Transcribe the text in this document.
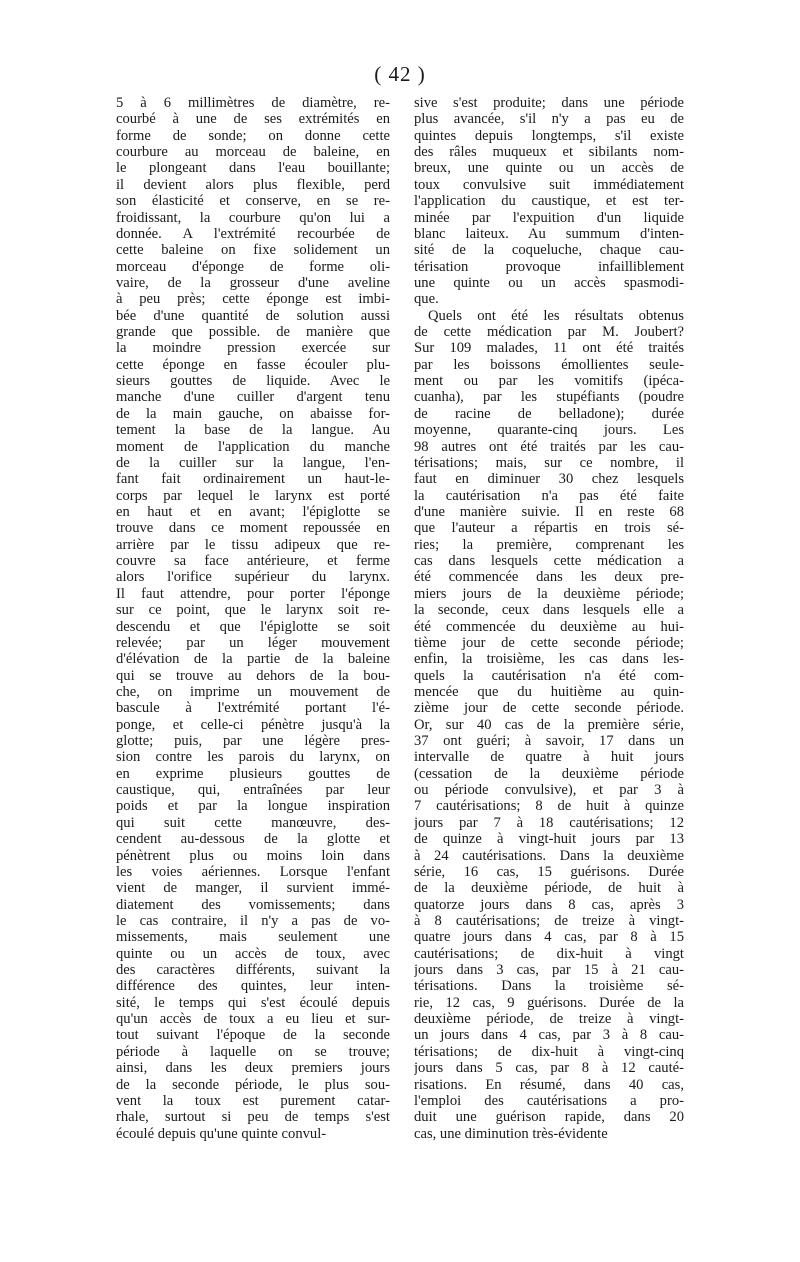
( 42 )
5 à 6 millimètres de diamètre, re-
courbé à une de ses extrémités en
forme de sonde; on donne cette
courbure au morceau de baleine, en
le plongeant dans l'eau bouillante;
il devient alors plus flexible, perd
son élasticité et conserve, en se re-
froidissant, la courbure qu'on lui a
donnée. A l'extrémité recourbée de
cette baleine on fixe solidement un
morceau d'éponge de forme oli-
vaire, de la grosseur d'une aveline
à peu près; cette éponge est imbi-
bée d'une quantité de solution aussi
grande que possible. de manière que
la moindre pression exercée sur
cette éponge en fasse écouler plu-
sieurs gouttes de liquide. Avec le
manche d'une cuiller d'argent tenu
de la main gauche, on abaisse for-
tement la base de la langue. Au
moment de l'application du manche
de la cuiller sur la langue, l'en-
fant fait ordinairement un haut-le-
corps par lequel le larynx est porté
en haut et en avant; l'épiglotte se
trouve dans ce moment repoussée en
arrière par le tissu adipeux que re-
couvre sa face antérieure, et ferme
alors l'orifice supérieur du larynx.
Il faut attendre, pour porter l'éponge
sur ce point, que le larynx soit re-
descendu et que l'épiglotte se soit
relevée; par un léger mouvement
d'élévation de la partie de la baleine
qui se trouve au dehors de la bou-
che, on imprime un mouvement de
bascule à l'extrémité portant l'é-
ponge, et celle-ci pénètre jusqu'à la
glotte; puis, par une légère pres-
sion contre les parois du larynx, on
en exprime plusieurs gouttes de
caustique, qui, entraînées par leur
poids et par la longue inspiration
qui suit cette manœuvre, des-
cendent au-dessous de la glotte et
pénètrent plus ou moins loin dans
les voies aériennes. Lorsque l'enfant
vient de manger, il survient immé-
diatement des vomissements; dans
le cas contraire, il n'y a pas de vo-
missements, mais seulement une
quinte ou un accès de toux, avec
des caractères différents, suivant la
différence des quintes, leur inten-
sité, le temps qui s'est écoulé depuis
qu'un accès de toux a eu lieu et sur-
tout suivant l'époque de la seconde
période à laquelle on se trouve;
ainsi, dans les deux premiers jours
de la seconde période, le plus sou-
vent la toux est purement catar-
rhale, surtout si peu de temps s'est
écoulé depuis qu'une quinte convul-
sive s'est produite; dans une période
plus avancée, s'il n'y a pas eu de
quintes depuis longtemps, s'il existe
des râles muqueux et sibilants nom-
breux, une quinte ou un accès de
toux convulsive suit immédiatement
l'application du caustique, et est ter-
minée par l'expuition d'un liquide
blanc laiteux. Au summum d'inten-
sité de la coqueluche, chaque cau-
térisation provoque infailliblement
une quinte ou un accès spasmodi-
que.
Quels ont été les résultats obtenus
de cette médication par M. Joubert?
Sur 109 malades, 11 ont été traités
par les boissons émollientes seule-
ment ou par les vomitifs (ipéca-
cuanha), par les stupéfiants (poudre
de racine de belladone); durée
moyenne, quarante-cinq jours. Les
98 autres ont été traités par les cau-
térisations; mais, sur ce nombre, il
faut en diminuer 30 chez lesquels
la cautérisation n'a pas été faite
d'une manière suivie. Il en reste 68
que l'auteur a répartis en trois sé-
ries; la première, comprenant les
cas dans lesquels cette médication a
été commencée dans les deux pre-
miers jours de la deuxième période;
la seconde, ceux dans lesquels elle a
été commencée du deuxième au hui-
tième jour de cette seconde période;
enfin, la troisième, les cas dans les-
quels la cautérisation n'a été com-
mencée que du huitième au quin-
zième jour de cette seconde période.
Or, sur 40 cas de la première série,
37 ont guéri; à savoir, 17 dans un
intervalle de quatre à huit jours
(cessation de la deuxième période
ou période convulsive), et par 3 à
7 cautérisations; 8 de huit à quinze
jours par 7 à 18 cautérisations; 12
de quinze à vingt-huit jours par 13
à 24 cautérisations. Dans la deuxième
série, 16 cas, 15 guérisons. Durée
de la deuxième période, de huit à
quatorze jours dans 8 cas, après 3
à 8 cautérisations; de treize à vingt-
quatre jours dans 4 cas, par 8 à 15
cautérisations; de dix-huit à vingt
jours dans 3 cas, par 15 à 21 cau-
térisations. Dans la troisième sé-
rie, 12 cas, 9 guérisons. Durée de la
deuxième période, de treize à vingt-
un jours dans 4 cas, par 3 à 8 cau-
térisations; de dix-huit à vingt-cinq
jours dans 5 cas, par 8 à 12 cauté-
risations. En résumé, dans 40 cas,
l'emploi des cautérisations a pro-
duit une guérison rapide, dans 20
cas, une diminution très-évidente
